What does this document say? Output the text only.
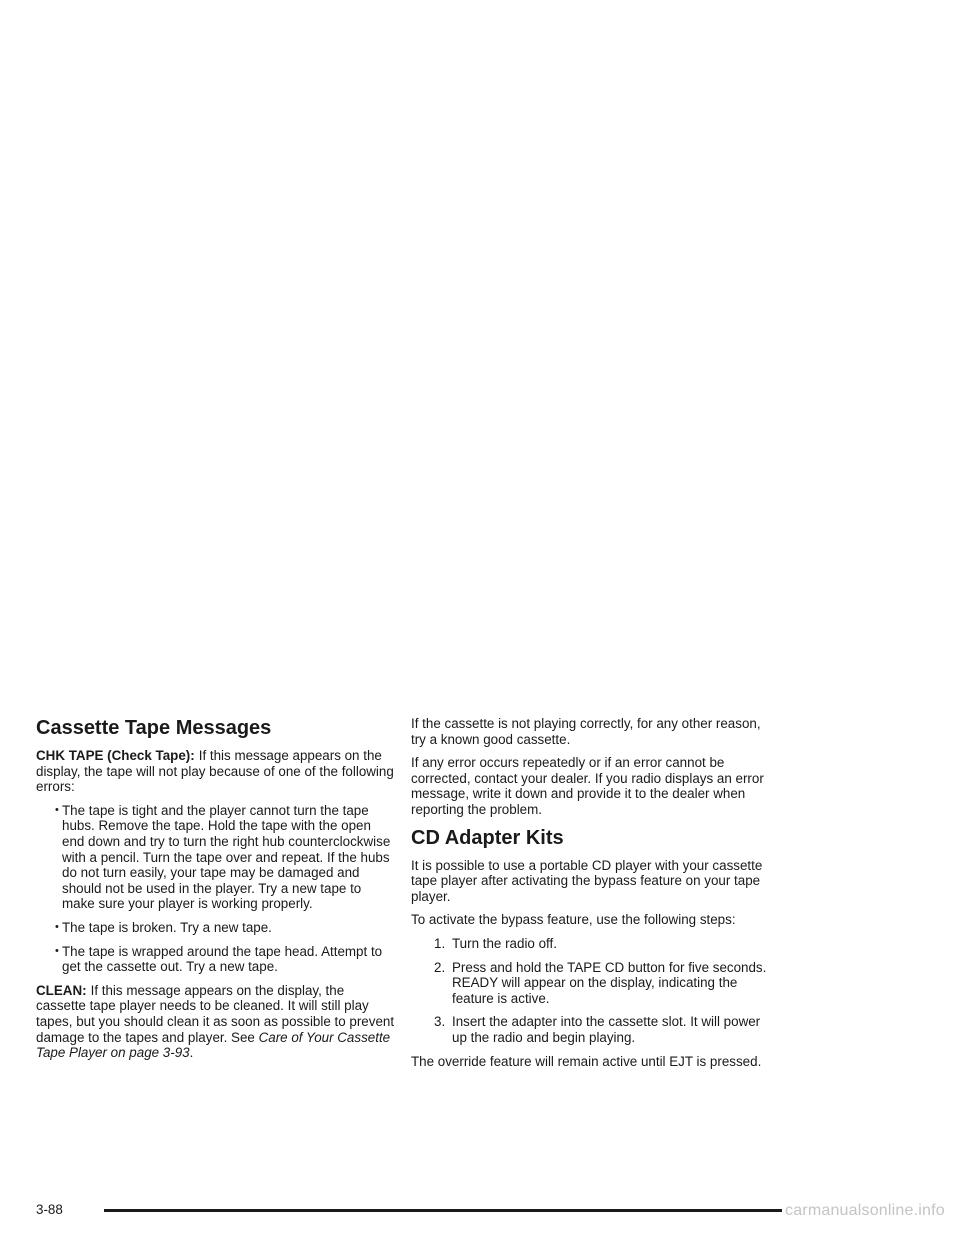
Cassette Tape Messages

CHK TAPE (Check Tape): If this message appears on the display, the tape will not play because of one of the following errors:

• The tape is tight and the player cannot turn the tape hubs. Remove the tape. Hold the tape with the open end down and try to turn the right hub counterclockwise with a pencil. Turn the tape over and repeat. If the hubs do not turn easily, your tape may be damaged and should not be used in the player. Try a new tape to make sure your player is working properly.
• The tape is broken. Try a new tape.
• The tape is wrapped around the tape head. Attempt to get the cassette out. Try a new tape.

CLEAN: If this message appears on the display, the cassette tape player needs to be cleaned. It will still play tapes, but you should clean it as soon as possible to prevent damage to the tapes and player. See Care of Your Cassette Tape Player on page 3-93.

If the cassette is not playing correctly, for any other reason, try a known good cassette.

If any error occurs repeatedly or if an error cannot be corrected, contact your dealer. If you radio displays an error message, write it down and provide it to the dealer when reporting the problem.

CD Adapter Kits

It is possible to use a portable CD player with your cassette tape player after activating the bypass feature on your tape player.

To activate the bypass feature, use the following steps:

1. Turn the radio off.
2. Press and hold the TAPE CD button for five seconds. READY will appear on the display, indicating the feature is active.
3. Insert the adapter into the cassette slot. It will power up the radio and begin playing.

The override feature will remain active until EJT is pressed.

3-88	carmanualsonline.info
